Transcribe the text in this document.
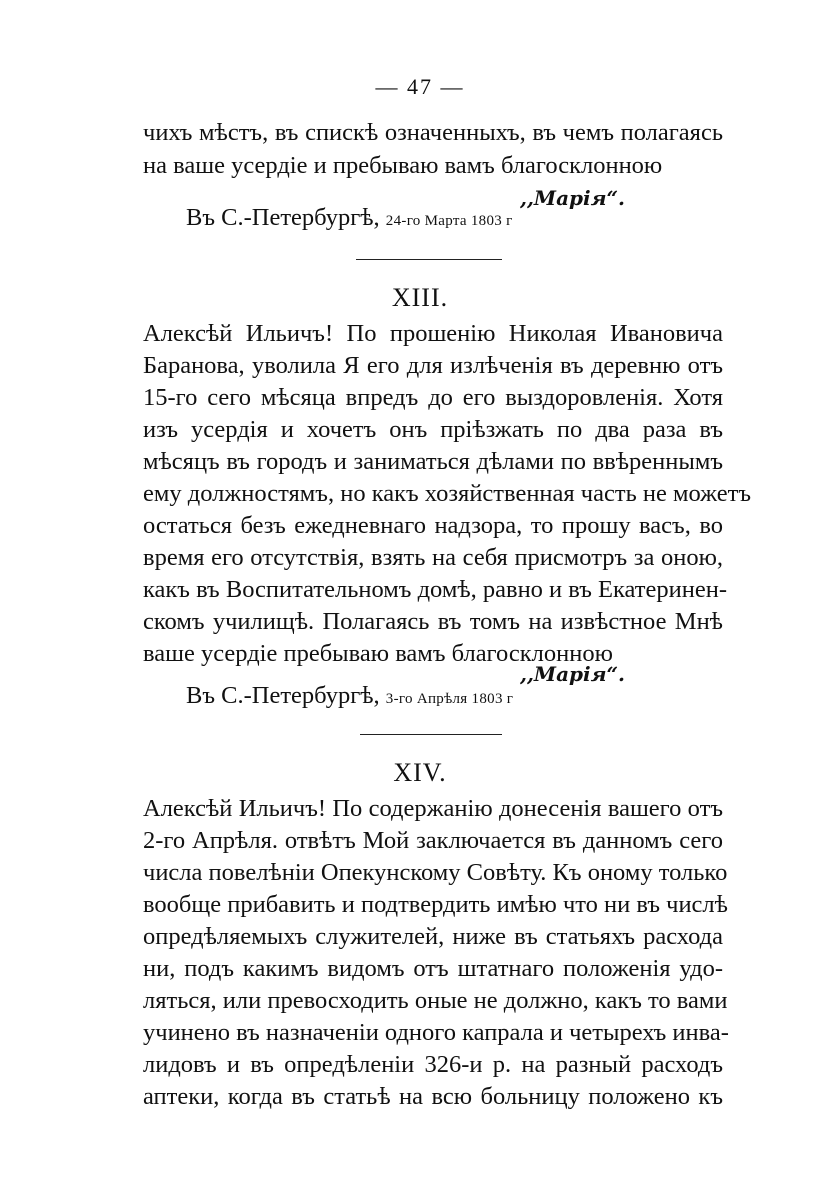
— 47 —
чихъ мѣстъ, въ спискѣ означенныхъ, въ чемъ полагаясь
на ваше усердіе и пребываю вамъ благосклонною
,,Марія“.
Въ С.-Петербургѣ, 24-го Марта 1803 г
XIII.
Алексѣй Ильичъ! По прошенію Николая Ивановича
Баранова, уволила Я его для излѣченія въ деревню отъ
15-го сего мѣсяца впредъ до его выздоровленія. Хотя
изъ усердія и хочетъ онъ пріѣзжать по два раза въ
мѣсяцъ въ городъ и заниматься дѣлами по ввѣреннымъ
ему должностямъ, но какъ хозяйственная часть не можетъ
остаться безъ ежедневнаго надзора, то прошу васъ, во
время его отсутствія, взять на себя присмотръ за оною,
какъ въ Воспитательномъ домѣ, равно и въ Екатеринен-
скомъ училищѣ. Полагаясь въ томъ на извѣстное Мнѣ
ваше усердіе пребываю вамъ благосклонною
,,Марія“.
Въ С.-Петербургѣ, 3-го Апрѣля 1803 г
XIV.
Алексѣй Ильичъ! По содержанію донесенія вашего отъ
2-го Апрѣля. отвѣтъ Мой заключается въ данномъ сего
числа повелѣніи Опекунскому Совѣту. Къ оному только
вообще прибавить и подтвердить имѣю что ни въ числѣ
опредѣляемыхъ служителей, ниже въ статьяхъ расхода
ни, подъ какимъ видомъ отъ штатнаго положенія удо-
ляться, или превосходить оные не должно, какъ то вами
учинено въ назначеніи одного капрала и четырехъ инва-
лидовъ и въ опредѣленіи 326-и р. на разный расходъ
аптеки, когда въ статьѣ на всю больницу положено къ
